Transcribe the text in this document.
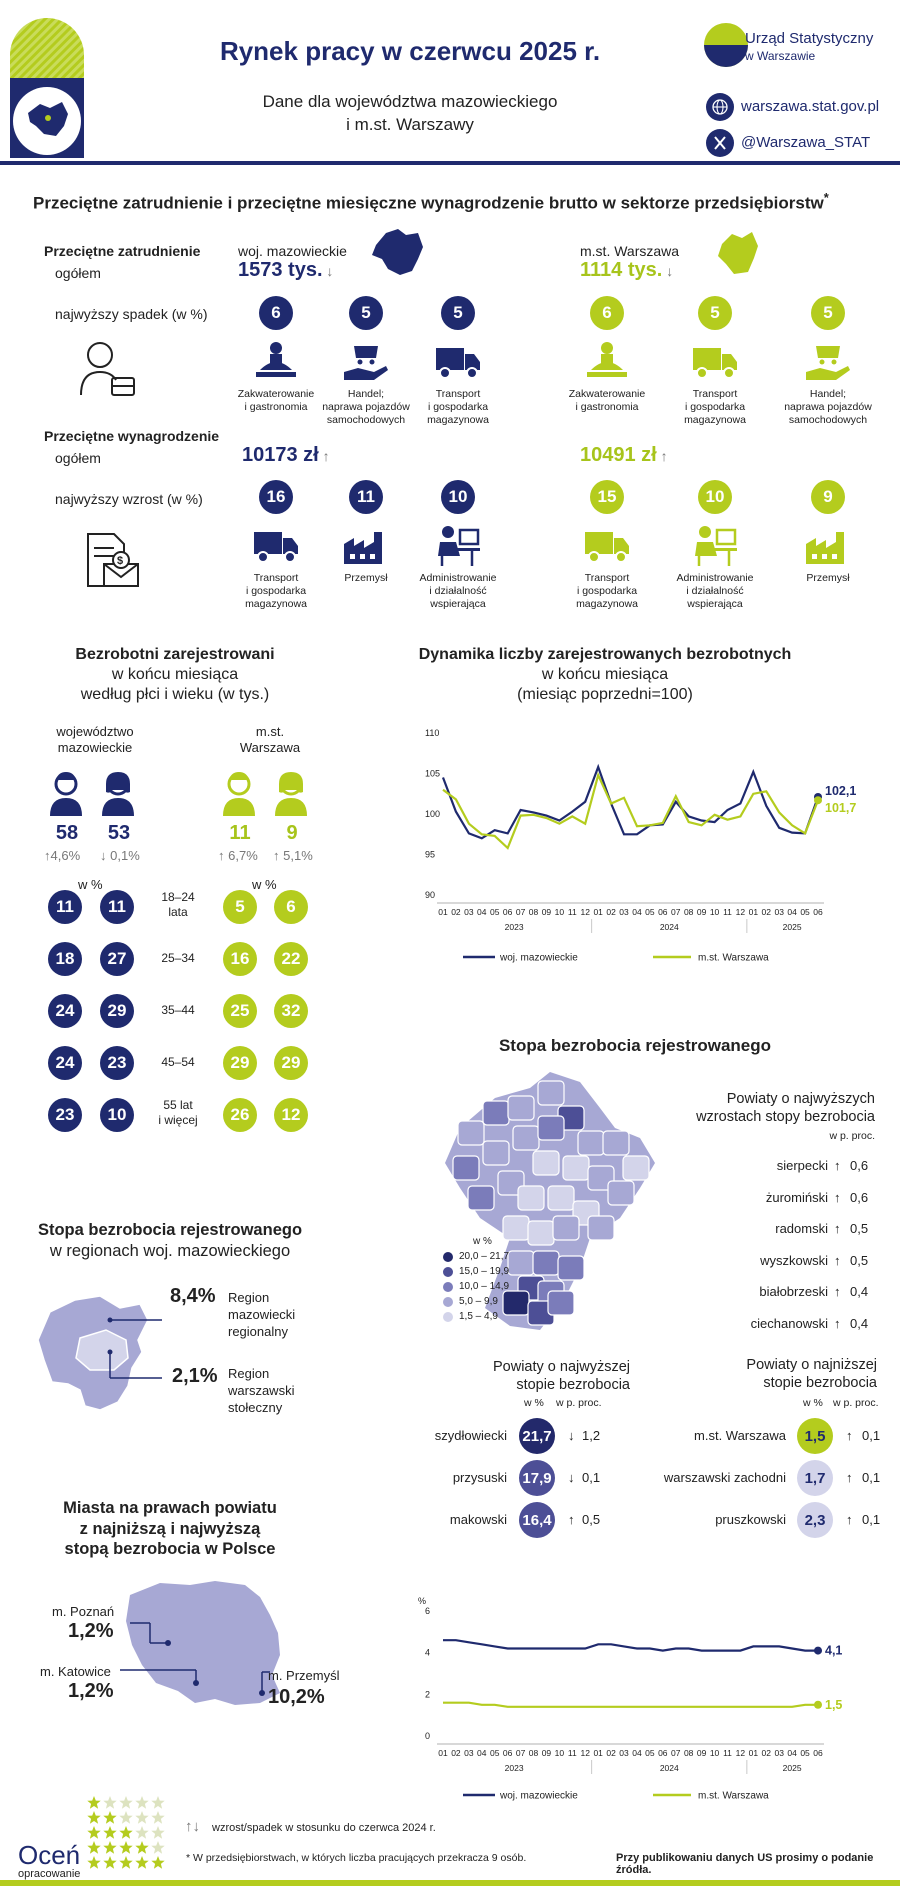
Rynek pracy w czerwcu 2025 r.
Dane dla województwa mazowieckiego
i m.st. Warszawy
Urząd Statystyczny
w Warszawie
warszawa.stat.gov.pl
@Warszawa_STAT
Przeciętne zatrudnienie i przeciętne miesięczne wynagrodzenie brutto w sektorze przedsiębiorstw*
Przeciętne zatrudnienie
ogółem
najwyższy spadek (w %)
Przeciętne wynagrodzenie
ogółem
najwyższy wzrost (w %)
$
woj. mazowieckie
1573 tys. ↓
10173 zł ↑
m.st. Warszawa
1114 tys. ↓
10491 zł ↑
6
Zakwaterowanie
i gastronomia
5
Handel;
naprawa pojazdów
samochodowych
5
Transport
i gospodarka
magazynowa
16
Transport
i gospodarka
magazynowa
11
Przemysł
10
Administrowanie
i działalność
wspierająca
6
Zakwaterowanie
i gastronomia
5
Transport
i gospodarka
magazynowa
5
Handel;
naprawa pojazdów
samochodowych
15
Transport
i gospodarka
magazynowa
10
Administrowanie
i działalność
wspierająca
9
Przemysł
Bezrobotni zarejestrowani
w końcu miesiąca
według płci i wieku (w tys.)
województwo
mazowieckie
m.st.
Warszawa
58 53	11	9
↑4,6% ↓ 0,1%	↑ 6,7% ↑ 5,1%
w %	w %
11	11	5	6
18–24
lata
18	27	16	22
25–34
24	29	25	32
35–44
24	23	29	29
45–54
23	10	26	12
55 lat
i więcej
Dynamika liczby zarejestrowanych bezrobotnych
w końcu miesiąca
(miesiąc poprzedni=100)
90
95
100
105
110
01 02 03 04 05 06 07 08 09 10 11 12 01 02 03 04 05 06 07 08 09 10 11 12 01 02 03 04 05 06
2023	2024	2025
102,1
101,7
woj. mazowieckie	m.st. Warszawa
Stopa bezrobocia rejestrowanego
w %
20,0 – 21,7
15,0 – 19,9
10,0 – 14,9
5,0 – 9,9
1,5 – 4,9
Powiaty o najwyższych
wzrostach stopy bezrobocia
w p. proc.
sierpecki ↑ 0,6
żuromiński ↑ 0,6
radomski ↑ 0,5
wyszkowski ↑ 0,5
białobrzeski ↑ 0,4
ciechanowski ↑ 0,4
Powiaty o najwyższej
stopie bezrobocia
w % w p. proc.
Powiaty o najniższej
stopie bezrobocia
w % w p. proc.
szydłowiecki 21,7 ↓ 1,2
przysuski 17,9 ↓ 0,1
makowski 16,4 ↑ 0,5
m.st. Warszawa	1,5	↑ 0,1
warszawski zachodni	1,7	↑ 0,1
pruszkowski	2,3	↑ 0,1
Stopa bezrobocia rejestrowanego
w regionach woj. mazowieckiego
8,4% Region
mazowiecki
regionalny
2,1% Region
warszawski
stołeczny
Miasta na prawach powiatu
z najniższą i najwyższą
stopą bezrobocia w Polsce
m. Poznań
1,2%
m. Katowice
1,2%
m. Przemyśl
10,2%
0
2
4
6
01 02 03 04 05 06 07 08 09 10 11 12 01 02 03 04 05 06 07 08 09 10 11 12 01 02 03 04 05 06
2023	2024	2025
4,1
1,5
woj. mazowieckie	m.st. Warszawa
%
Oceń
opracowanie
↑↓ wzrost/spadek w stosunku do czerwca 2024 r.
* W przedsiębiorstwach, w których liczba pracujących przekracza 9 osób.	Przy publikowaniu danych US prosimy o podanie źródła.
